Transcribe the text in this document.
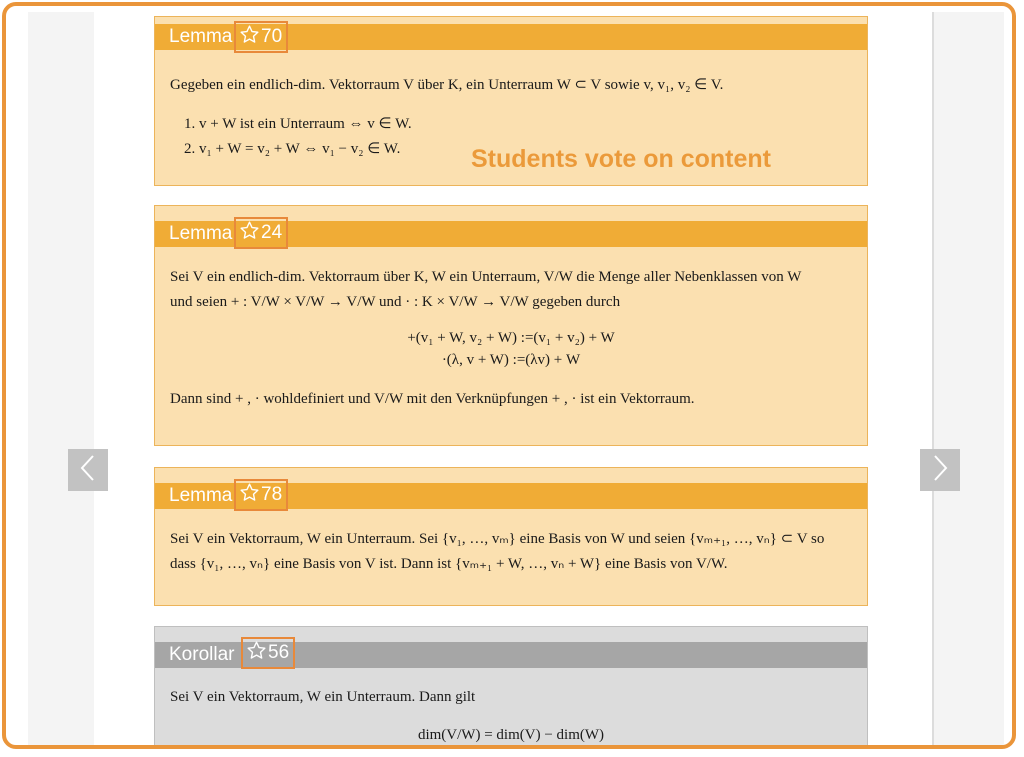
Lemma 70
Gegeben ein endlich-dim. Vektorraum V über K, ein Unterraum W ⊂ V sowie v, v₁, v₂ ∈ V.
1. v + W ist ein Unterraum ⇔ v ∈ W.
2. v₁ + W = v₂ + W ⇔ v₁ − v₂ ∈ W.
Lemma 24
Sei V ein endlich-dim. Vektorraum über K, W ein Unterraum, V/W die Menge aller Nebenklassen von W
und seien + : V/W × V/W → V/W und · : K × V/W → V/W gegeben durch
+(v₁ + W, v₂ + W) :=(v₁ + v₂) + W
·(λ, v + W) :=(λv) + W
Dann sind + , · wohldefiniert und V/W mit den Verknüpfungen + , · ist ein Vektorraum.
Lemma 78
Sei V ein Vektorraum, W ein Unterraum. Sei {v₁, …, vₘ} eine Basis von W und seien {vₘ₊₁, …, vₙ} ⊂ V so
dass {v₁, …, vₙ} eine Basis von V ist. Dann ist {vₘ₊₁ + W, …, vₙ + W} eine Basis von V/W.
Korollar 56
Sei V ein Vektorraum, W ein Unterraum. Dann gilt
dim(V/W) = dim(V) − dim(W)
Students vote on content
